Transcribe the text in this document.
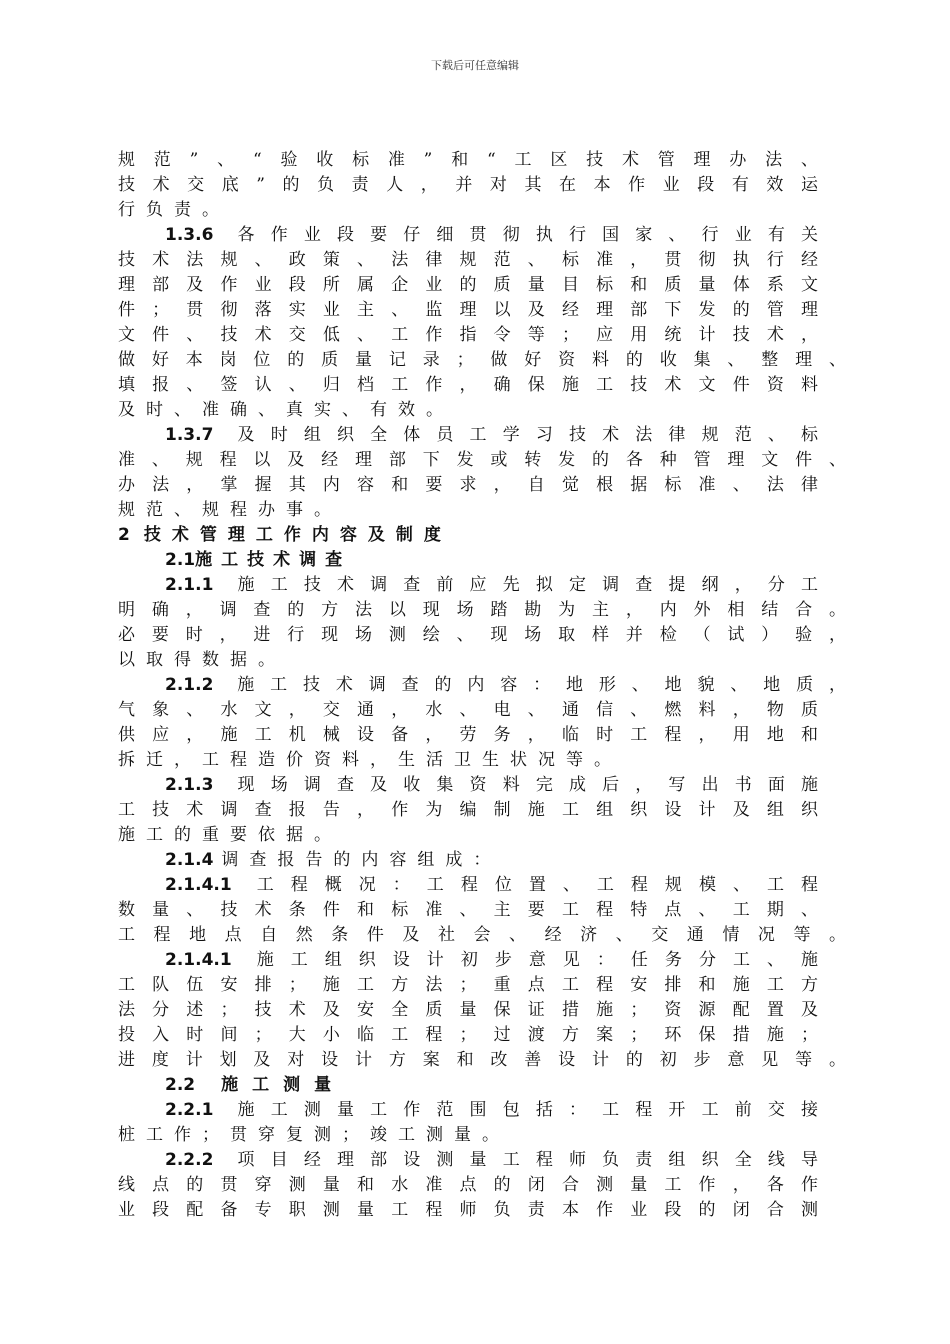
下载后可任意编辑
规范”、“验收标准”和“工区技术管理办法、
技术交底”的负责人，并对其在本作业段有效运
行负责。
1.3.6 各作业段要仔细贯彻执行国家、行业有关
技术法规、政策、法律规范、标准，贯彻执行经
理部及作业段所属企业的质量目标和质量体系文
件；贯彻落实业主、监理以及经理部下发的管理
文件、技术交低、工作指令等；应用统计技术，
做好本岗位的质量记录；做好资料的收集、整理、
填报、签认、归档工作，确保施工技术文件资料
及时、准确、真实、有效。
1.3.7 及时组织全体员工学习技术法律规范、标
准、规程以及经理部下发或转发的各种管理文件、
办法，掌握其内容和要求，自觉根据标准、法律
规范、规程办事。
2 技术管理工作内容及制度
2.1施工技术调查
2.1.1 施工技术调查前应先拟定调查提纲，分工
明确，调查的方法以现场踏勘为主，内外相结合。
必要时，进行现场测绘、现场取样并检（试）验，
以取得数据。
2.1.2 施工技术调查的内容：地形、地貌、地质，
气象、水文，交通，水、电、通信、燃料，物质
供应，施工机械设备，劳务，临时工程，用地和
拆迁，工程造价资料，生活卫生状况等。
2.1.3 现场调查及收集资料完成后，写出书面施
工技术调查报告，作为编制施工组织设计及组织
施工的重要依据。
2.1.4 调查报告的内容组成：
2.1.4.1 工程概况：工程位置、工程规模、工程
数量、技术条件和标准、主要工程特点、工期、
工程地点自然条件及社会、经济、交通情况等。
2.1.4.1 施工组织设计初步意见：任务分工、施
工队伍安排；施工方法；重点工程安排和施工方
法分述；技术及安全质量保证措施；资源配置及
投入时间；大小临工程；过渡方案；环保措施；
进度计划及对设计方案和改善设计的初步意见等。
2.2 施工测量
2.2.1 施工测量工作范围包括：工程开工前交接
桩工作；贯穿复测；竣工测量。
2.2.2 项目经理部设测量工程师负责组织全线导
线点的贯穿测量和水准点的闭合测量工作，各作
业段配备专职测量工程师负责本作业段的闭合测
